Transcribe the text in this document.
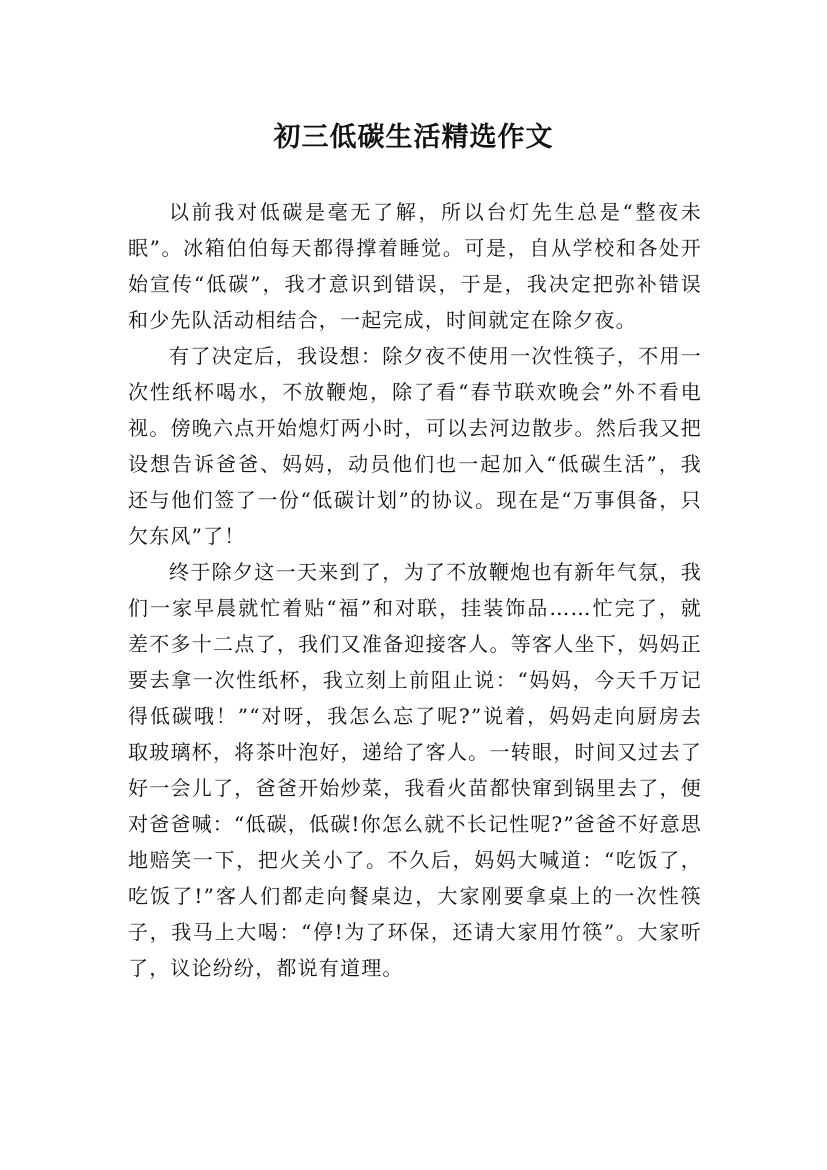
初三低碳生活精选作文

以前我对低碳是毫无了解，所以台灯先生总是“整夜未眠”。冰箱伯伯每天都得撑着睡觉。可是，自从学校和各处开始宣传“低碳”，我才意识到错误，于是，我决定把弥补错误和少先队活动相结合，一起完成，时间就定在除夕夜。

有了决定后，我设想：除夕夜不使用一次性筷子，不用一次性纸杯喝水，不放鞭炮，除了看“春节联欢晚会”外不看电视。傍晚六点开始熄灯两小时，可以去河边散步。然后我又把设想告诉爸爸、妈妈，动员他们也一起加入“低碳生活”，我还与他们签了一份“低碳计划”的协议。现在是“万事俱备，只欠东风”了！

终于除夕这一天来到了，为了不放鞭炮也有新年气氛，我们一家早晨就忙着贴“福”和对联，挂装饰品……忙完了，就差不多十二点了，我们又准备迎接客人。等客人坐下，妈妈正要去拿一次性纸杯，我立刻上前阻止说：“妈妈，今天千万记得低碳哦！”“对呀，我怎么忘了呢?”说着，妈妈走向厨房去取玻璃杯，将茶叶泡好，递给了客人。一转眼，时间又过去了好一会儿了，爸爸开始炒菜，我看火苗都快窜到锅里去了，便对爸爸喊：“低碳，低碳!你怎么就不长记性呢?”爸爸不好意思地赔笑一下，把火关小了。不久后，妈妈大喊道：“吃饭了，吃饭了!”客人们都走向餐桌边，大家刚要拿桌上的一次性筷子，我马上大喝：“停!为了环保，还请大家用竹筷”。大家听了，议论纷纷，都说有道理。
